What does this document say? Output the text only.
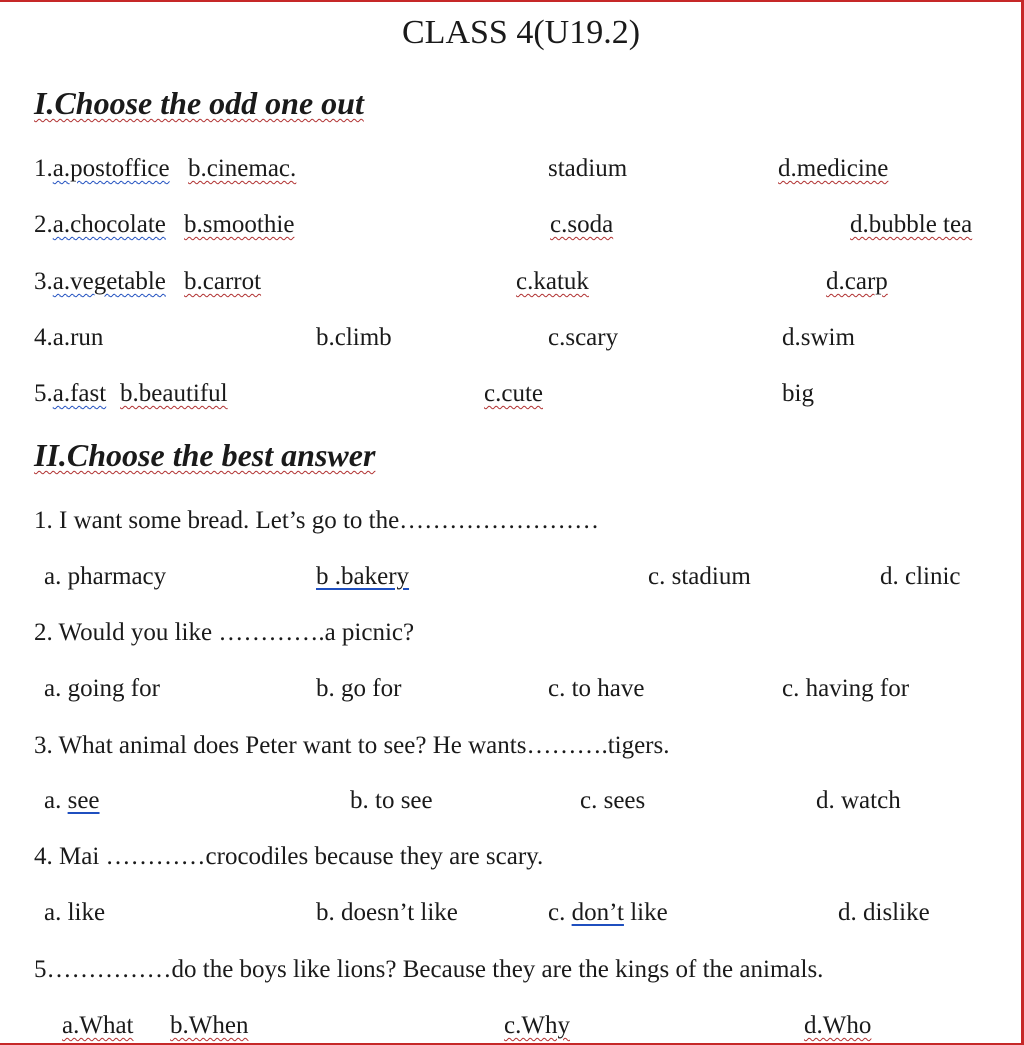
CLASS 4(U19.2)
I.Choose the odd one out
1.a.postoffice b.cinemac.	stadium	d.medicine
2.a.chocolate b.smoothie	c.soda	d.bubble tea
3.a.vegetable b.carrot	c.katuk	d.carp
4.a.run	b.climb	c.scary	d.swim
5.a.fast b.beautiful	c.cute	big
II.Choose the best answer
1. I want some bread. Let’s go to the……………………
a. pharmacy	b .bakery	c. stadium	d. clinic
2. Would you like ………….a picnic?
a. going for	b. go for	c. to have	c. having for
3. What animal does Peter want to see? He wants……….tigers.
a. see	b. to see	c. sees	d. watch
4. Mai …………crocodiles because they are scary.
a. like	b. doesn’t like	c. don’t like	d. dislike
5……………do the boys like lions? Because they are the kings of the animals.
a.What b.When	c.Why	d.Who
